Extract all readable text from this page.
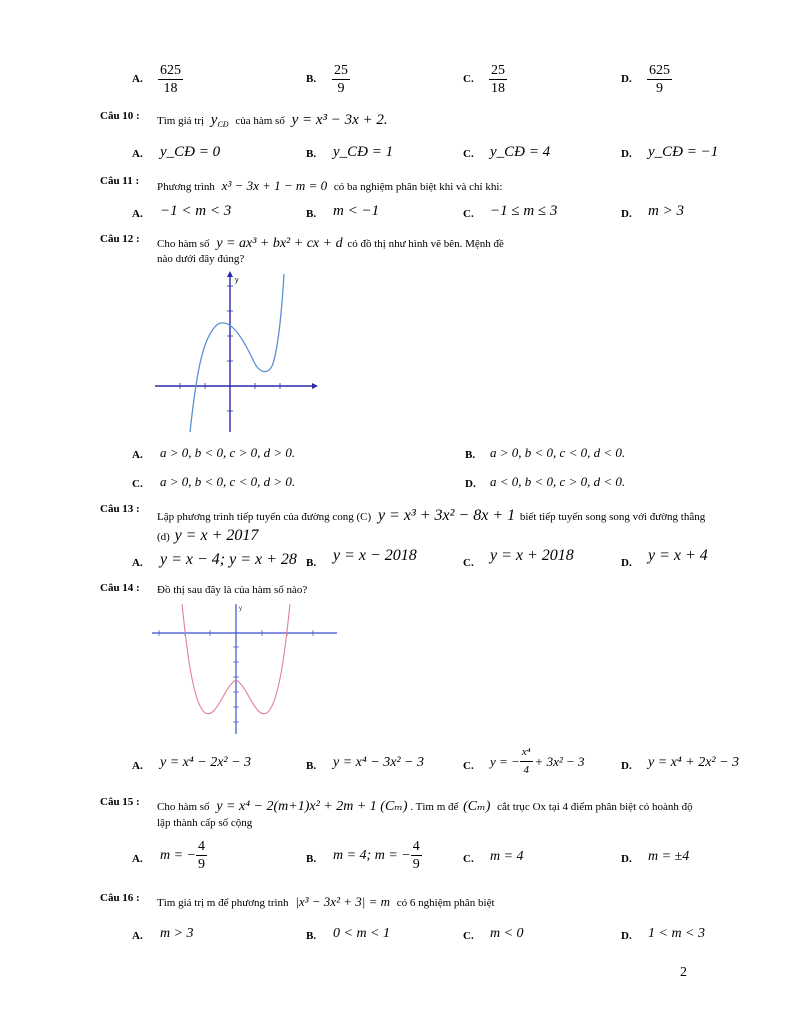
A. $\frac{625}{18}$	B. $\frac{25}{9}$	C. $\frac{25}{18}$	D. $\frac{625}{9}$
Câu 10 : Tìm giá trị $y_{CĐ}$ của hàm số y = x³ − 3x + 2.
A. y_CĐ = 0	B. y_CĐ = 1	C. y_CĐ = 4	D. y_CĐ = −1
Câu 11 : Phương trình x³ − 3x + 1 − m = 0 có ba nghiệm phân biệt khi và chỉ khi:
A. −1 < m < 3	B. m < −1	C. −1 ≤ m ≤ 3	D. m > 3
Câu 12 : Cho hàm số y = ax³ + bx² + cx + d có đồ thị như hình vẽ bên. Mệnh đề
nào dưới đây đúng?
y
A. a > 0, b < 0, c > 0, d > 0.	B. a > 0, b < 0, c < 0, d < 0.
C. a > 0, b < 0, c < 0, d > 0.	D. a < 0, b < 0, c > 0, d < 0.
Câu 13 :
Lập phương trình tiếp tuyến của đường cong (C) y = x³ + 3x² − 8x + 1 biết tiếp tuyến song song với đường thẳng
(d) y = x + 2017
A. y = x − 4; y = x + 28 B. y = x − 2018	C. y = x + 2018	D. y = x + 4
Câu 14 : Đồ thị sau đây là của hàm số nào?
y
A. y = x⁴ − 2x² − 3	B. y = x⁴ − 3x² − 3	C. y = − $\frac{\text{x⁴}}{4} + 3x^2 - 3$	D. y = x⁴ + 2x² − 3
Câu 15 : Cho hàm số y = x⁴ − 2(m+1)x² + 2m + 1 (Cₘ) . Tìm m để (Cₘ) cắt trục Ox tại 4 điểm phân biệt có hoành độ
lập thành cấp số cộng
A. m = − $\frac{4}{9}$	B. m = 4; m = − $\frac{4}{9}$	C. m = 4	D. m = ±4
Câu 16 : Tìm giá trị m để phương trình |x³ − 3x² + 3| = m có 6 nghiệm phân biệt
A. m > 3	B. 0 < m < 1	C. m < 0	D. 1 < m < 3
2
